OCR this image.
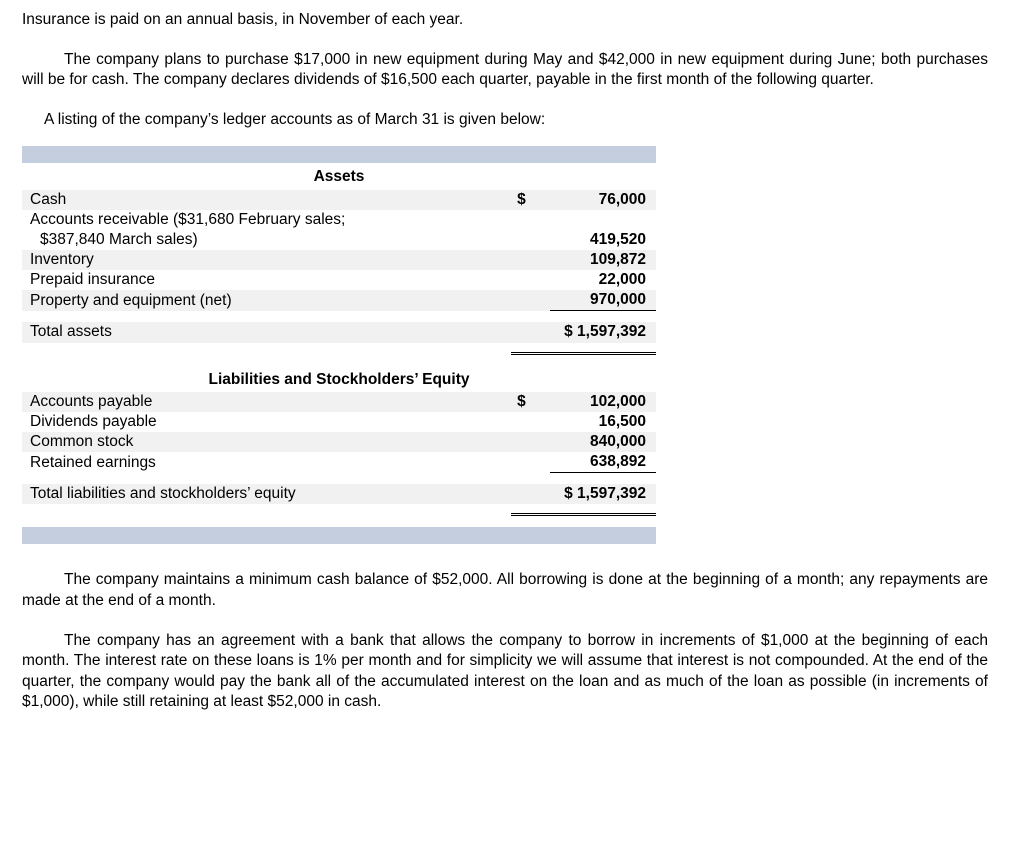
Insurance is paid on an annual basis, in November of each year.

The company plans to purchase $17,000 in new equipment during May and $42,000 in new equipment during June; both purchases will be for cash. The company declares dividends of $16,500 each quarter, payable in the first month of the following quarter.

A listing of the company’s ledger accounts as of March 31 is given below:

Assets		
Cash	$	76,000
Accounts receivable ($31,680 February sales;		
$387,840 March sales)		419,520
Inventory		109,872
Prepaid insurance		22,000
Property and equipment (net)		970,000

Total assets	$ 1,597,392	

Liabilities and Stockholders’ Equity		
Accounts payable	$	102,000
Dividends payable		16,500
Common stock		840,000
Retained earnings		638,892

Total liabilities and stockholders’ equity	$ 1,597,392	

The company maintains a minimum cash balance of $52,000. All borrowing is done at the beginning of a month; any repayments are made at the end of a month.

The company has an agreement with a bank that allows the company to borrow in increments of $1,000 at the beginning of each month. The interest rate on these loans is 1% per month and for simplicity we will assume that interest is not compounded. At the end of the quarter, the company would pay the bank all of the accumulated interest on the loan and as much of the loan as possible (in increments of $1,000), while still retaining at least $52,000 in cash.
